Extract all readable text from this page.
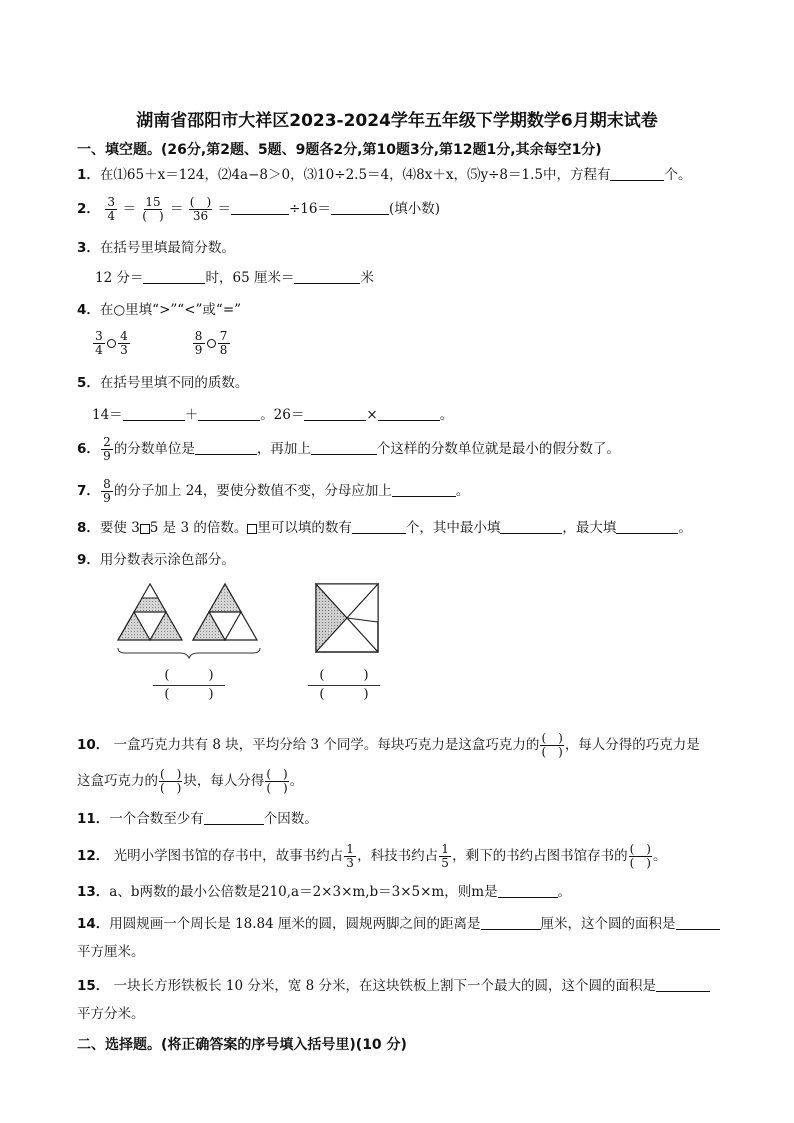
湖南省邵阳市大祥区2023-2024学年五年级下学期数学6月期末试卷
一、填空题。(26分,第2题、5题、9题各2分,第10题3分,第12题1分,其余每空1分)
1．在⑴65＋x＝124，⑵4a−8＞0，⑶10÷2.5＝4，⑷8x＋x，⑸y÷8＝1.5中，方程有	个。
2． $\frac{3}{4} = \frac{15}{( )} = \frac{( )}{36}$ ＝	÷16＝	(填小数)
3．在括号里填最简分数。
12 分＝	时，65 厘米＝	米
4．在○里填“>”“<”或“=”
$\frac{3}{4} \frac{4}{3}$
	$\frac{8}{9} \frac{7}{8}$
5．在括号里填不同的质数。
14＝	＋	。26＝	×	。
6． $\frac{2}{9}$ 的分数单位是	，再加上	个这样的分数单位就是最小的假分数了。
7． $\frac{8}{9}$ 的分子加上 24，要使分数值不变，分母应加上	。
8．要使 3 5 是 3 的倍数。 里可以填的数有	个，其中最小填	，最大填	。
9．用分数表示涂色部分。
(　　　)
(　　　)
(　　　)
(　　　)
10． 一盒巧克力共有 8 块，平均分给 3 个同学。每块巧克力是这盒巧克力的 $\frac{( )}{( )}$ ，每人分得的巧克力是
这盒巧克力的 $\frac{( )}{( )}$ 块，每人分得 $\frac{( )}{( )}$ 。
11．一个合数至少有	个因数。
12． 光明小学图书馆的存书中，故事书约占 $\frac{1}{3}$ ，科技书约占 $\frac{1}{5}$ ，剩下的书约占图书馆存书的 $\frac{( )}{( )}$ 。
13．a、b两数的最小公倍数是210,a＝2×3×m,b＝3×5×m，则m是	。
14．用圆规画一个周长是 18.84 厘米的圆，圆规两脚之间的距离是	厘米，这个圆的面积是
平方厘米。
15． 一块长方形铁板长 10 分米，宽 8 分米，在这块铁板上割下一个最大的圆，这个圆的面积是
平方分米。
二、选择题。(将正确答案的序号填入括号里)(10 分)
